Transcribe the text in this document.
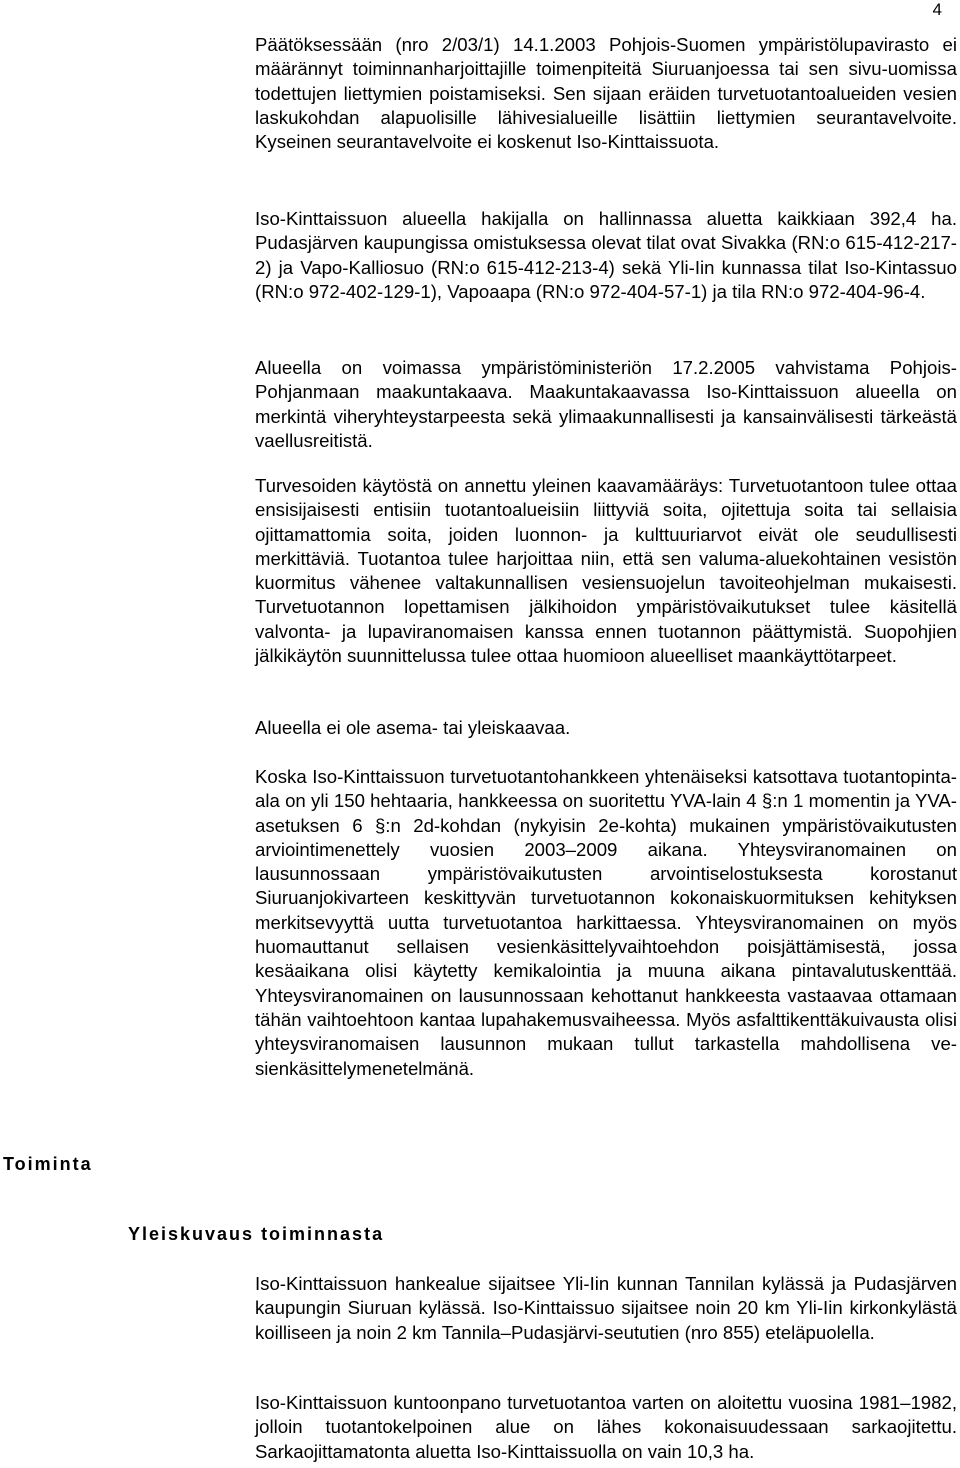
4

Päätöksessään (nro 2/03/1) 14.1.2003 Pohjois-Suomen ympäristölupavirasto ei määrännyt toiminnanharjoittajille toimenpiteitä Siuruanjoessa tai sen sivu-uomissa todettujen liettymien poistamiseksi. Sen sijaan eräiden turvetuotantoalueiden vesien laskukohdan alapuolisille lähivesialueille lisättiin liettymien seurantavelvoite. Kyseinen seurantavelvoite ei koskenut Iso-Kinttaissuota.

Iso-Kinttaissuon alueella hakijalla on hallinnassa aluetta kaikkiaan 392,4 ha. Pudasjärven kaupungissa omistuksessa olevat tilat ovat Sivakka (RN:o 615-412-217-2) ja Vapo-Kalliosuo (RN:o 615-412-213-4) sekä Yli-Iin kunnassa tilat Iso-Kintassuo (RN:o 972-402-129-1), Vapoaapa (RN:o 972-404-57-1) ja tila RN:o 972-404-96-4.

Alueella on voimassa ympäristöministeriön 17.2.2005 vahvistama Pohjois-Pohjanmaan maakuntakaava. Maakuntakaavassa Iso-Kinttaissuon alueella on merkintä viheryhteystarpeesta sekä ylimaakunnallisesti ja kansainvälisesti tärkeästä vaellusreitistä.

Turvesoiden käytöstä on annettu yleinen kaavamääräys: Turvetuotantoon tulee ottaa ensisijaisesti entisiin tuotantoalueisiin liittyviä soita, ojitettuja soita tai sellaisia ojittamattomia soita, joiden luonnon- ja kulttuuriarvot eivät ole seudullisesti merkittäviä. Tuotantoa tulee harjoittaa niin, että sen valuma-aluekohtainen vesistön kuormitus vähenee valtakunnallisen vesiensuojelun tavoiteohjelman mukaisesti. Turvetuotannon lopettamisen jälkihoidon ympäristövaikutukset tulee käsitellä valvonta- ja lupaviranomaisen kanssa ennen tuotannon päättymistä. Suopohjien jälkikäytön suunnittelussa tulee ottaa huomioon alueelliset maankäyttötarpeet.

Alueella ei ole asema- tai yleiskaavaa.

Koska Iso-Kinttaissuon turvetuotantohankkeen yhtenäiseksi katsottava tuotantopinta-ala on yli 150 hehtaaria, hankkeessa on suoritettu YVA-lain 4 §:n 1 momentin ja YVA-asetuksen 6 §:n 2d-kohdan (nykyisin 2e-kohta) mukainen ympäristövaikutusten arviointimenettely vuosien 2003–2009 aikana. Yhteysviranomainen on lausunnossaan ympäristövaikutusten arvointiselostuksesta korostanut Siuruanjokivarteen keskittyvän turvetuotannon kokonaiskuormituksen kehityksen merkitsevyyttä uutta turvetuotantoa harkittaessa. Yhteysviranomainen on myös huomauttanut sellaisen vesienkäsittelyvaihtoehdon poisjättämisestä, jossa kesäaikana olisi käytetty kemikalointia ja muuna aikana pintavalutuskenttää. Yhteysviranomainen on lausunnossaan kehottanut hankkeesta vastaavaa ottamaan tähän vaihtoehtoon kantaa lupahakemusvaiheessa. Myös asfalttikenttäkuivausta olisi yhteysviranomaisen lausunnon mukaan tullut tarkastella mahdollisena vesienkäsittelymenetelmänä.

Toiminta
Yleiskuvaus toiminnasta

Iso-Kinttaissuon hankealue sijaitsee Yli-Iin kunnan Tannilan kylässä ja Pudasjärven kaupungin Siuruan kylässä. Iso-Kinttaissuo sijaitsee noin 20 km Yli-Iin kirkonkylästä koilliseen ja noin 2 km Tannila–Pudasjärvi-seututien (nro 855) eteläpuolella.

Iso-Kinttaissuon kuntoonpano turvetuotantoa varten on aloitettu vuosina 1981–1982, jolloin tuotantokelpoinen alue on lähes kokonaisuudessaan sarkaojitettu. Sarkaojittamatonta aluetta Iso-Kinttaissuolla on vain 10,3 ha.
